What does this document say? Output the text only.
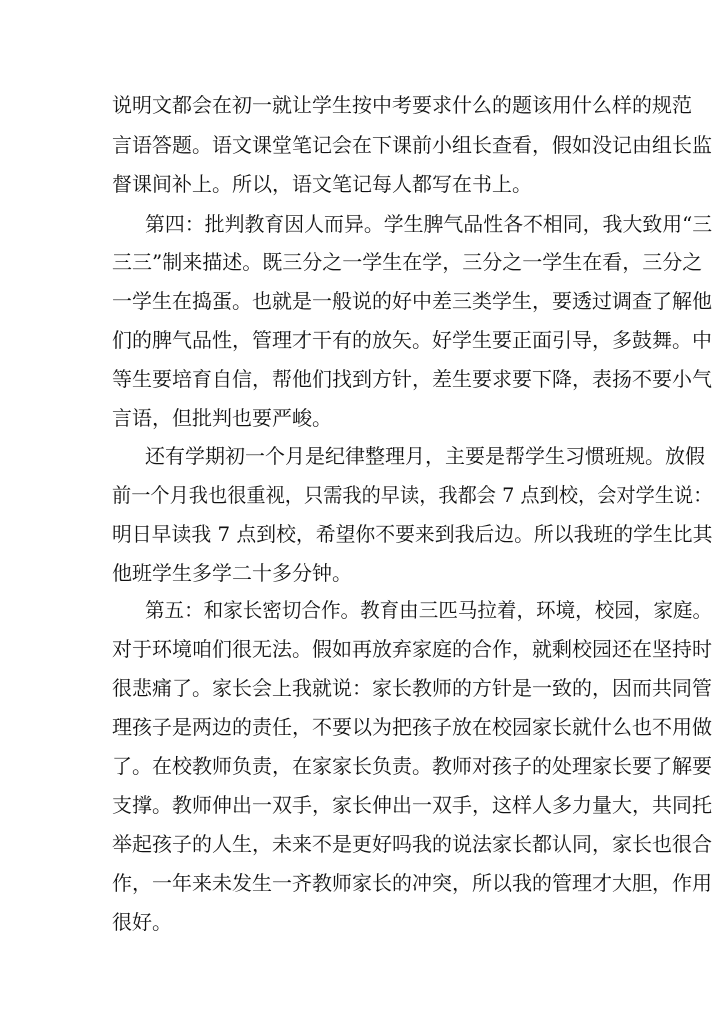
说明文都会在初一就让学生按中考要求什么的题该用什么样的规范
言语答题。语文课堂笔记会在下课前小组长查看，假如没记由组长监
督课间补上。所以，语文笔记每人都写在书上。
第四：批判教育因人而异。学生脾气品性各不相同，我大致用“三
三三”制来描述。既三分之一学生在学，三分之一学生在看，三分之
一学生在捣蛋。也就是一般说的好中差三类学生，要透过调查了解他
们的脾气品性，管理才干有的放矢。好学生要正面引导，多鼓舞。中
等生要培育自信，帮他们找到方针，差生要求要下降，表扬不要小气
言语，但批判也要严峻。
还有学期初一个月是纪律整理月，主要是帮学生习惯班规。放假
前一个月我也很重视，只需我的早读，我都会 7 点到校，会对学生说：
明日早读我 7 点到校，希望你不要来到我后边。所以我班的学生比其
他班学生多学二十多分钟。
第五：和家长密切合作。教育由三匹马拉着，环境，校园，家庭。
对于环境咱们很无法。假如再放弃家庭的合作，就剩校园还在坚持时
很悲痛了。家长会上我就说：家长教师的方针是一致的，因而共同管
理孩子是两边的责任，不要以为把孩子放在校园家长就什么也不用做
了。在校教师负责，在家家长负责。教师对孩子的处理家长要了解要
支撑。教师伸出一双手，家长伸出一双手，这样人多力量大，共同托
举起孩子的人生，未来不是更好吗我的说法家长都认同，家长也很合
作，一年来未发生一齐教师家长的冲突，所以我的管理才大胆，作用
很好。
